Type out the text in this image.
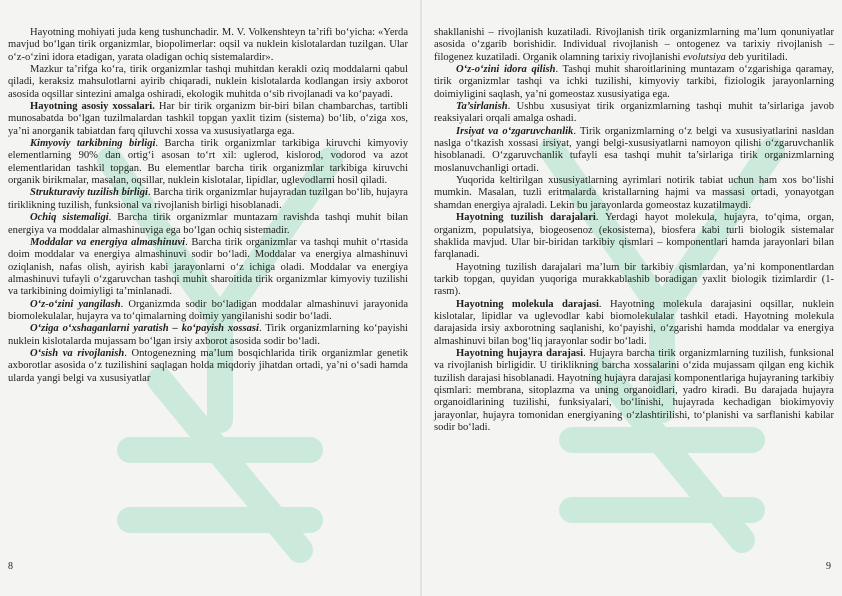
Hayotning mohiyati juda keng tushunchadir. M. V. Volkenshteyn ta’rifi bo‘yicha: «Yerda mavjud bo‘lgan tirik organizmlar, biopolimerlar: oqsil va nuklein kislotalardan tuzilgan. Ular o‘z-o‘zini idora etadigan, yarata oladigan ochiq sistemalardir».

Mazkur ta’rifga ko‘ra, tirik organizmlar tashqi muhitdan kerakli oziq moddalarni qabul qiladi, keraksiz mahsulotlarni ayirib chiqaradi, nuklein kislotalarda kodlangan irsiy axborot asosida oqsillar sintezini amalga oshiradi, ekologik muhitda o‘sib rivojlanadi va ko‘payadi.

Hayotning asosiy xossalari. Har bir tirik organizm bir-biri bilan chambarchas, tartibli munosabatda bo‘lgan tuzilmalardan tashkil topgan yaxlit tizim (sistema) bo‘lib, o‘ziga xos, ya’ni anorganik tabiatdan farq qiluvchi xossa va xususiyatlarga ega.

Kimyoviy tarkibning birligi. Barcha tirik organizmlar tarkibiga kiruvchi kimyoviy elementlarning 90% dan ortig‘i asosan to‘rt xil: uglerod, kislorod, vodorod va azot elementlaridan tashkil topgan. Bu elementlar barcha tirik organizmlar tarkibiga kiruvchi organik birikmalar, masalan, oqsillar, nuklein kislotalar, lipidlar, uglevodlarni hosil qiladi.

Strukturaviy tuzilish birligi. Barcha tirik organizmlar hujayradan tuzilgan bo‘lib, hujayra tiriklikning tuzilish, funksional va rivojlanish birligi hisoblanadi.

Ochiq sistemaligi. Barcha tirik organizmlar muntazam ravishda tashqi muhit bilan energiya va moddalar almashinuviga ega bo‘lgan ochiq sistemadir.

Moddalar va energiya almashinuvi. Barcha tirik organizmlar va tashqi muhit o‘rtasida doim moddalar va energiya almashinuvi sodir bo‘ladi. Moddalar va energiya almashinuvi oziqlanish, nafas olish, ayirish kabi jarayonlarni o‘z ichiga oladi. Moddalar va energiya almashinuvi tufayli o‘zgaruvchan tashqi muhit sharoitida tirik organizmlar kimyoviy tuzilishi va tarkibining doimiyligi ta’minlanadi.

O‘z-o‘zini yangilash. Organizmda sodir bo‘ladigan moddalar almashinuvi jarayonida biomolekulalar, hujayra va to‘qimalarning doimiy yangilanishi sodir bo‘ladi.

O‘ziga o‘xshaganlarni yaratish – ko‘payish xossasi. Tirik organizmlarning ko‘payishi nuklein kislotalarda mujassam bo‘lgan irsiy axborot asosida sodir bo‘ladi.

O‘sish va rivojlanish. Ontogenezning ma’lum bosqichlarida tirik organizmlar genetik axborotlar asosida o‘z tuzilishini saqlagan holda miqdoriy jihatdan ortadi, ya’ni o‘sadi hamda ularda yangi belgi va xususiyatlar

8

shakllanishi – rivojlanish kuzatiladi. Rivojlanish tirik organizmlarning ma’lum qonuniyatlar asosida o‘zgarib borishidir. Individual rivojlanish – ontogenez va tarixiy rivojlanish – filogenez kuzatiladi. Organik olamning tarixiy rivojlanishi evolutsiya deb yuritiladi.

O‘z-o‘zini idora qilish. Tashqi muhit sharoitlarining muntazam o‘zgarishiga qaramay, tirik organizmlar tashqi va ichki tuzilishi, kimyoviy tarkibi, fiziologik jarayonlarning doimiyligini saqlash, ya’ni gomeostaz xususiyatiga ega.

Ta’sirlanish. Ushbu xususiyat tirik organizmlarning tashqi muhit ta’sirlariga javob reaksiyalari orqali amalga oshadi.

Irsiyat va o‘zgaruvchanlik. Tirik organizmlarning o‘z belgi va xususiyatlarini nasldan naslga o‘tkazish xossasi irsiyat, yangi belgi-xususiyatlarni namoyon qilishi o‘zgaruvchanlik hisoblanadi. O‘zgaruvchanlik tufayli esa tashqi muhit ta’sirlariga tirik organizmlarning moslanuvchanligi ortadi.

Yuqorida keltirilgan xususiyatlarning ayrimlari notirik tabiat uchun ham xos bo‘lishi mumkin. Masalan, tuzli eritmalarda kristallarning hajmi va massasi ortadi, yonayotgan shamdan energiya ajraladi. Lekin bu jarayonlarda gomeostaz kuzatilmaydi.

Hayotning tuzilish darajalari. Yerdagi hayot molekula, hujayra, to‘qima, organ, organizm, populatsiya, biogeosenoz (ekosistema), biosfera kabi turli biologik sistemalar shaklida mavjud. Ular bir-biridan tarkibiy qismlari – komponentlari hamda jarayonlari bilan farqlanadi.

Hayotning tuzilish darajalari ma’lum bir tarkibiy qismlardan, ya’ni komponentlardan tarkib topgan, quyidan yuqoriga murakkablashib boradigan yaxlit biologik tizimlardir (1-rasm).

Hayotning molekula darajasi. Hayotning molekula darajasini oqsillar, nuklein kislotalar, lipidlar va uglevodlar kabi biomolekulalar tashkil etadi. Hayotning molekula darajasida irsiy axborotning saqlanishi, ko‘payishi, o‘zgarishi hamda moddalar va energiya almashinuvi bilan bog‘liq jarayonlar sodir bo‘ladi.

Hayotning hujayra darajasi. Hujayra barcha tirik organizmlarning tuzilish, funksional va rivojlanish birligidir. U tiriklikning barcha xossalarini o‘zida mujassam qilgan eng kichik tuzilish darajasi hisoblanadi. Hayotning hujayra darajasi komponentlariga hujayraning tarkibiy qismlari: membrana, sitoplazma va uning organoidlari, yadro kiradi. Bu darajada hujayra organoidlarining tuzilishi, funksiyalari, bo‘linishi, hujayrada kechadigan biokimyoviy jarayonlar, hujayra tomonidan energiyaning o‘zlashtirilishi, to‘planishi va sarflanishi kabilar sodir bo‘ladi.

9
